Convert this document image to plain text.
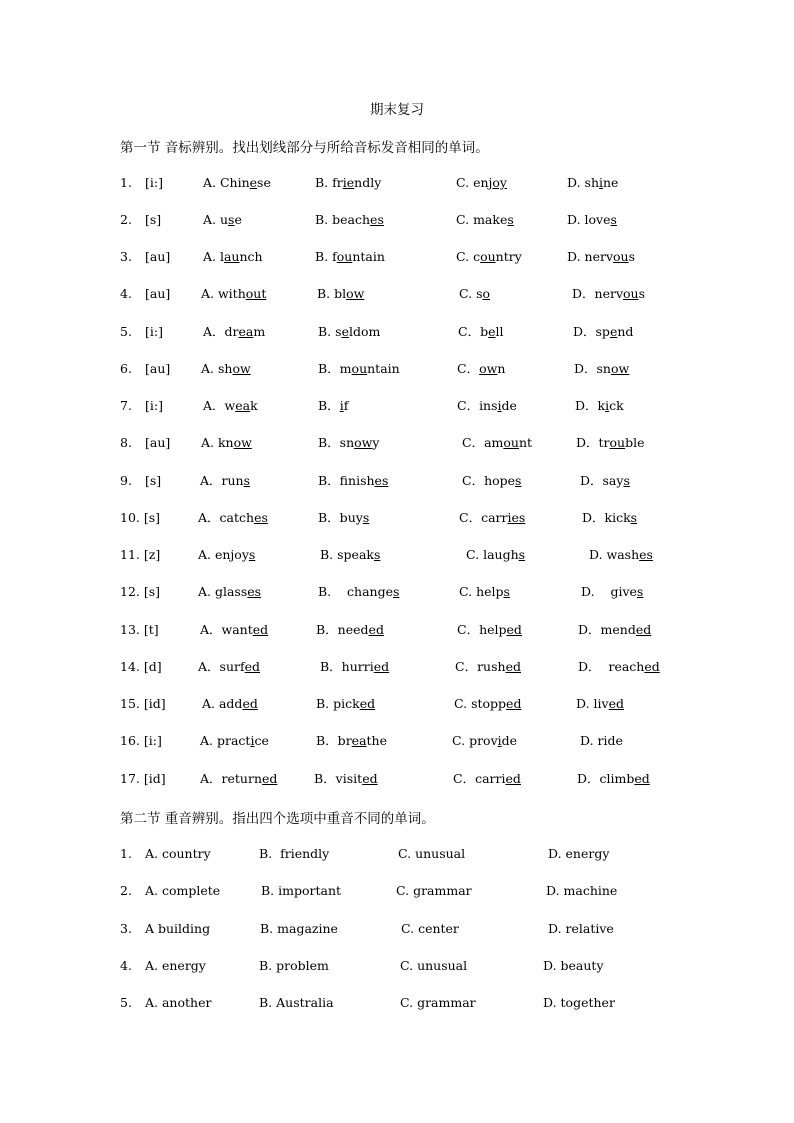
期末复习
第一节 音标辨别。找出划线部分与所给音标发音相同的单词。
第二节 重音辨别。指出四个选项中重音不同的单词。
1. [i:]	A. Chinese	B. friendly	C. enjoy	D. shine
2. [s]	A. use	B. beaches	C. makes	D. loves
3. [au]	A. launch	B. fountain	C. country	D. nervous
4. [au] A. without	B. blow	C. so	D．nervous
5. [i:]	A．dream	B. seldom	C．bell	D．spend
6. [au] A. show	B．mountain	C．own	D．snow
7. [i:]	A．weak	B．if	C．inside	D．kick
8. [au] A. know	B．snowy	C．amount	D．trouble
9. [s]	A．runs	B．finishes	C．hopes	D．says
10. [s]	A．catches	B．buys	C．carries	D．kicks
11. [z]	A. enjoys	B. speaks	C. laughs	D. washes
12. [s]	A. glasses	B.    changes	C. helps	D.    gives
13. [t]	A．wanted	B．needed	C．helped	D．mended
14. [d]	A．surfed	B．hurried	C．rushed	D．  reached
15. [id]	A. added	B. picked	C. stopped	D. lived
16. [i:]	A. practice	B．breathe	C. provide	D. ride
17. [id]	A．returned	B．visited	C．carried	D．climbed
1. A. country	B.  friendly	C. unusual	D. energy
2. A. complete	B. important	C. grammar	D. machine
3. A building	B. magazine	C. center	D. relative
4. A. energy	B. problem	C. unusual	D. beauty
5. A. another	B. Australia	C. grammar	D. together
